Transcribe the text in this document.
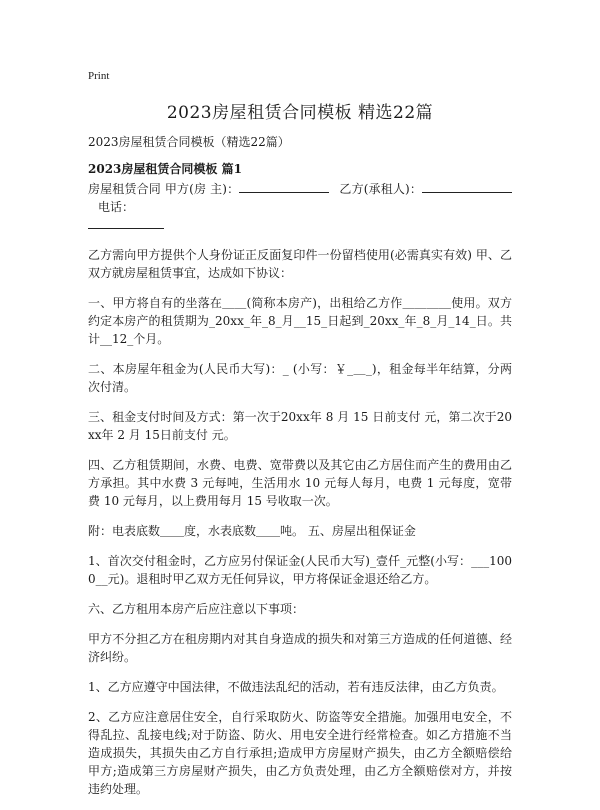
Print
2023房屋租赁合同模板 精选22篇
2023房屋租赁合同模板（精选22篇）
2023房屋租赁合同模板 篇1

房屋租赁合同 甲方(房 主)：	乙方(承租人)：电话：

乙方需向甲方提供个人身份证正反面复印件一份留档使用(必需真实有效) 甲、乙双方就房屋租赁事宜，达成如下协议：

一、甲方将自有的坐落在＿＿(简称本房产)，出租给乙方作＿＿＿＿使用。双方约定本房产的租赁期为_20xx_年_8_月__15_日起到_20xx_年_8_月_14_日。共计__12_个月。

二、本房屋年租金为(人民币大写)：_ (小写：￥_＿_)，租金每半年结算，分两次付清。

三、租金支付时间及方式：第一次于20xx年 8 月 15 日前支付 元，第二次于20xx年 2 月 15日前支付 元。

四、乙方租赁期间，水费、电费、宽带费以及其它由乙方居住而产生的费用由乙方承担。其中水费 3 元每吨，生活用水 10 元每人每月，电费 1 元每度，宽带费 10 元每月，以上费用每月 15 号收取一次。

附：电表底数＿＿度，水表底数＿＿吨。 五、房屋出租保证金

1、首次交付租金时，乙方应另付保证金(人民币大写)_壹仟_元整(小写：___1000__元)。退租时甲乙双方无任何异议，甲方将保证金退还给乙方。

六、乙方租用本房产后应注意以下事项：

甲方不分担乙方在租房期内对其自身造成的损失和对第三方造成的任何道德、经济纠纷。

1、乙方应遵守中国法律，不做违法乱纪的活动，若有违反法律，由乙方负责。

2、乙方应注意居住安全，自行采取防火、防盗等安全措施。加强用电安全，不得乱拉、乱接电线;对于防盗、防火、用电安全进行经常检查。如乙方措施不当造成损失，其损失由乙方自行承担;造成甲方房屋财产损失，由乙方全额赔偿给甲方;造成第三方房屋财产损失，由乙方负责处理，由乙方全额赔偿对方，并按违约处理。
